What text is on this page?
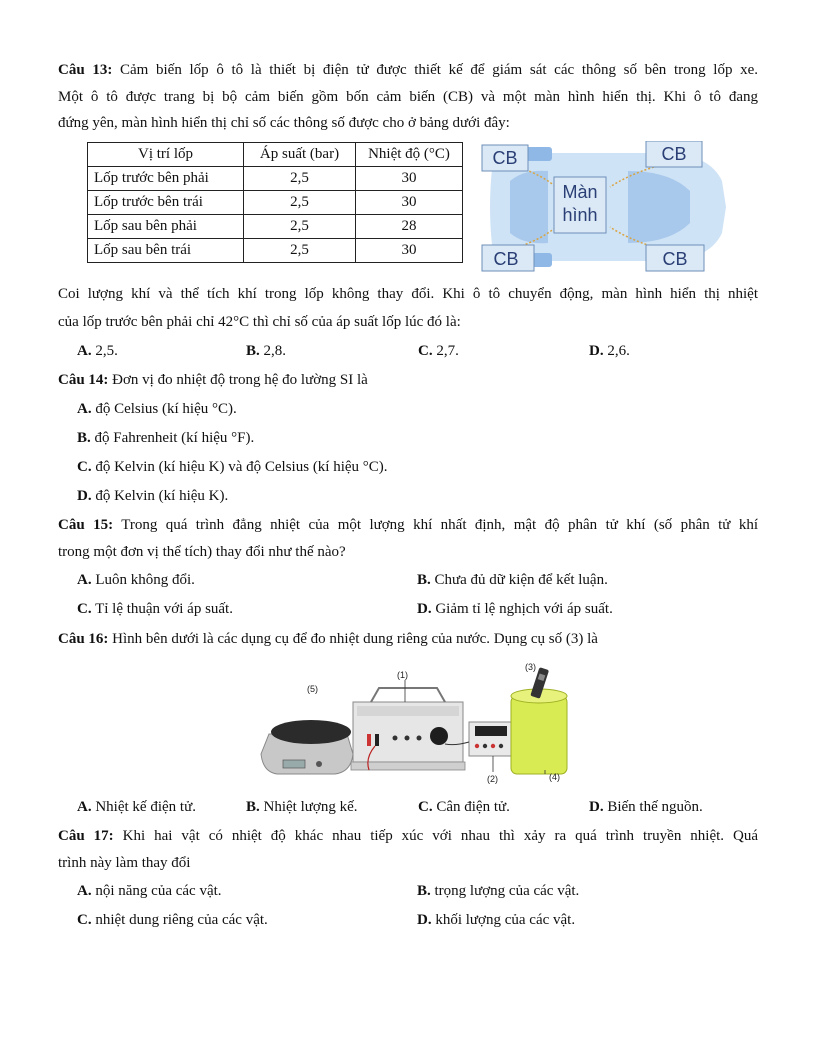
Câu 13: Cảm biến lốp ô tô là thiết bị điện tử được thiết kế để giám sát các thông số bên trong lốp xe.
Một ô tô được trang bị bộ cảm biến gồm bốn cảm biến (CB) và một màn hình hiển thị. Khi ô tô đang
đứng yên, màn hình hiển thị chỉ số các thông số được cho ở bảng dưới đây:
Vị trí lốp	Áp suất (bar)	Nhiệt độ (°C)
Lốp trước bên phải	2,5	30
Lốp trước bên trái	2,5	30
Lốp sau bên phải	2,5	28
Lốp sau bên trái	2,5	30
CB	CB
CB	CB
Màn
hình
Coi lượng khí và thể tích khí trong lốp không thay đổi. Khi ô tô chuyển động, màn hình hiển thị nhiệt
của lốp trước bên phải chỉ 42°C thì chỉ số của áp suất lốp lúc đó là:
A. 2,5.	B. 2,8.	C. 2,7.	D. 2,6.
Câu 14: Đơn vị đo nhiệt độ trong hệ đo lường SI là
A. độ Celsius (kí hiệu °C).
B. độ Fahrenheit (kí hiệu °F).
C. độ Kelvin (kí hiệu K) và độ Celsius (kí hiệu °C).
D. độ Kelvin (kí hiệu K).
Câu 15: Trong quá trình đẳng nhiệt của một lượng khí nhất định, mật độ phân tử khí (số phân tử khí
trong một đơn vị thể tích) thay đổi như thế nào?
A. Luôn không đổi.	B. Chưa đủ dữ kiện để kết luận.
C. Tỉ lệ thuận với áp suất.	D. Giảm tỉ lệ nghịch với áp suất.
Câu 16: Hình bên dưới là các dụng cụ để đo nhiệt dung riêng của nước. Dụng cụ số (3) là
(1)
(2)
(3)
(4)
(5)
A. Nhiệt kế điện tử.	B. Nhiệt lượng kế.	C. Cân điện tử.	D. Biến thế nguồn.
Câu 17: Khi hai vật có nhiệt độ khác nhau tiếp xúc với nhau thì xảy ra quá trình truyền nhiệt. Quá
trình này làm thay đổi
A. nội năng của các vật.	B. trọng lượng của các vật.
C. nhiệt dung riêng của các vật.	D. khối lượng của các vật.
